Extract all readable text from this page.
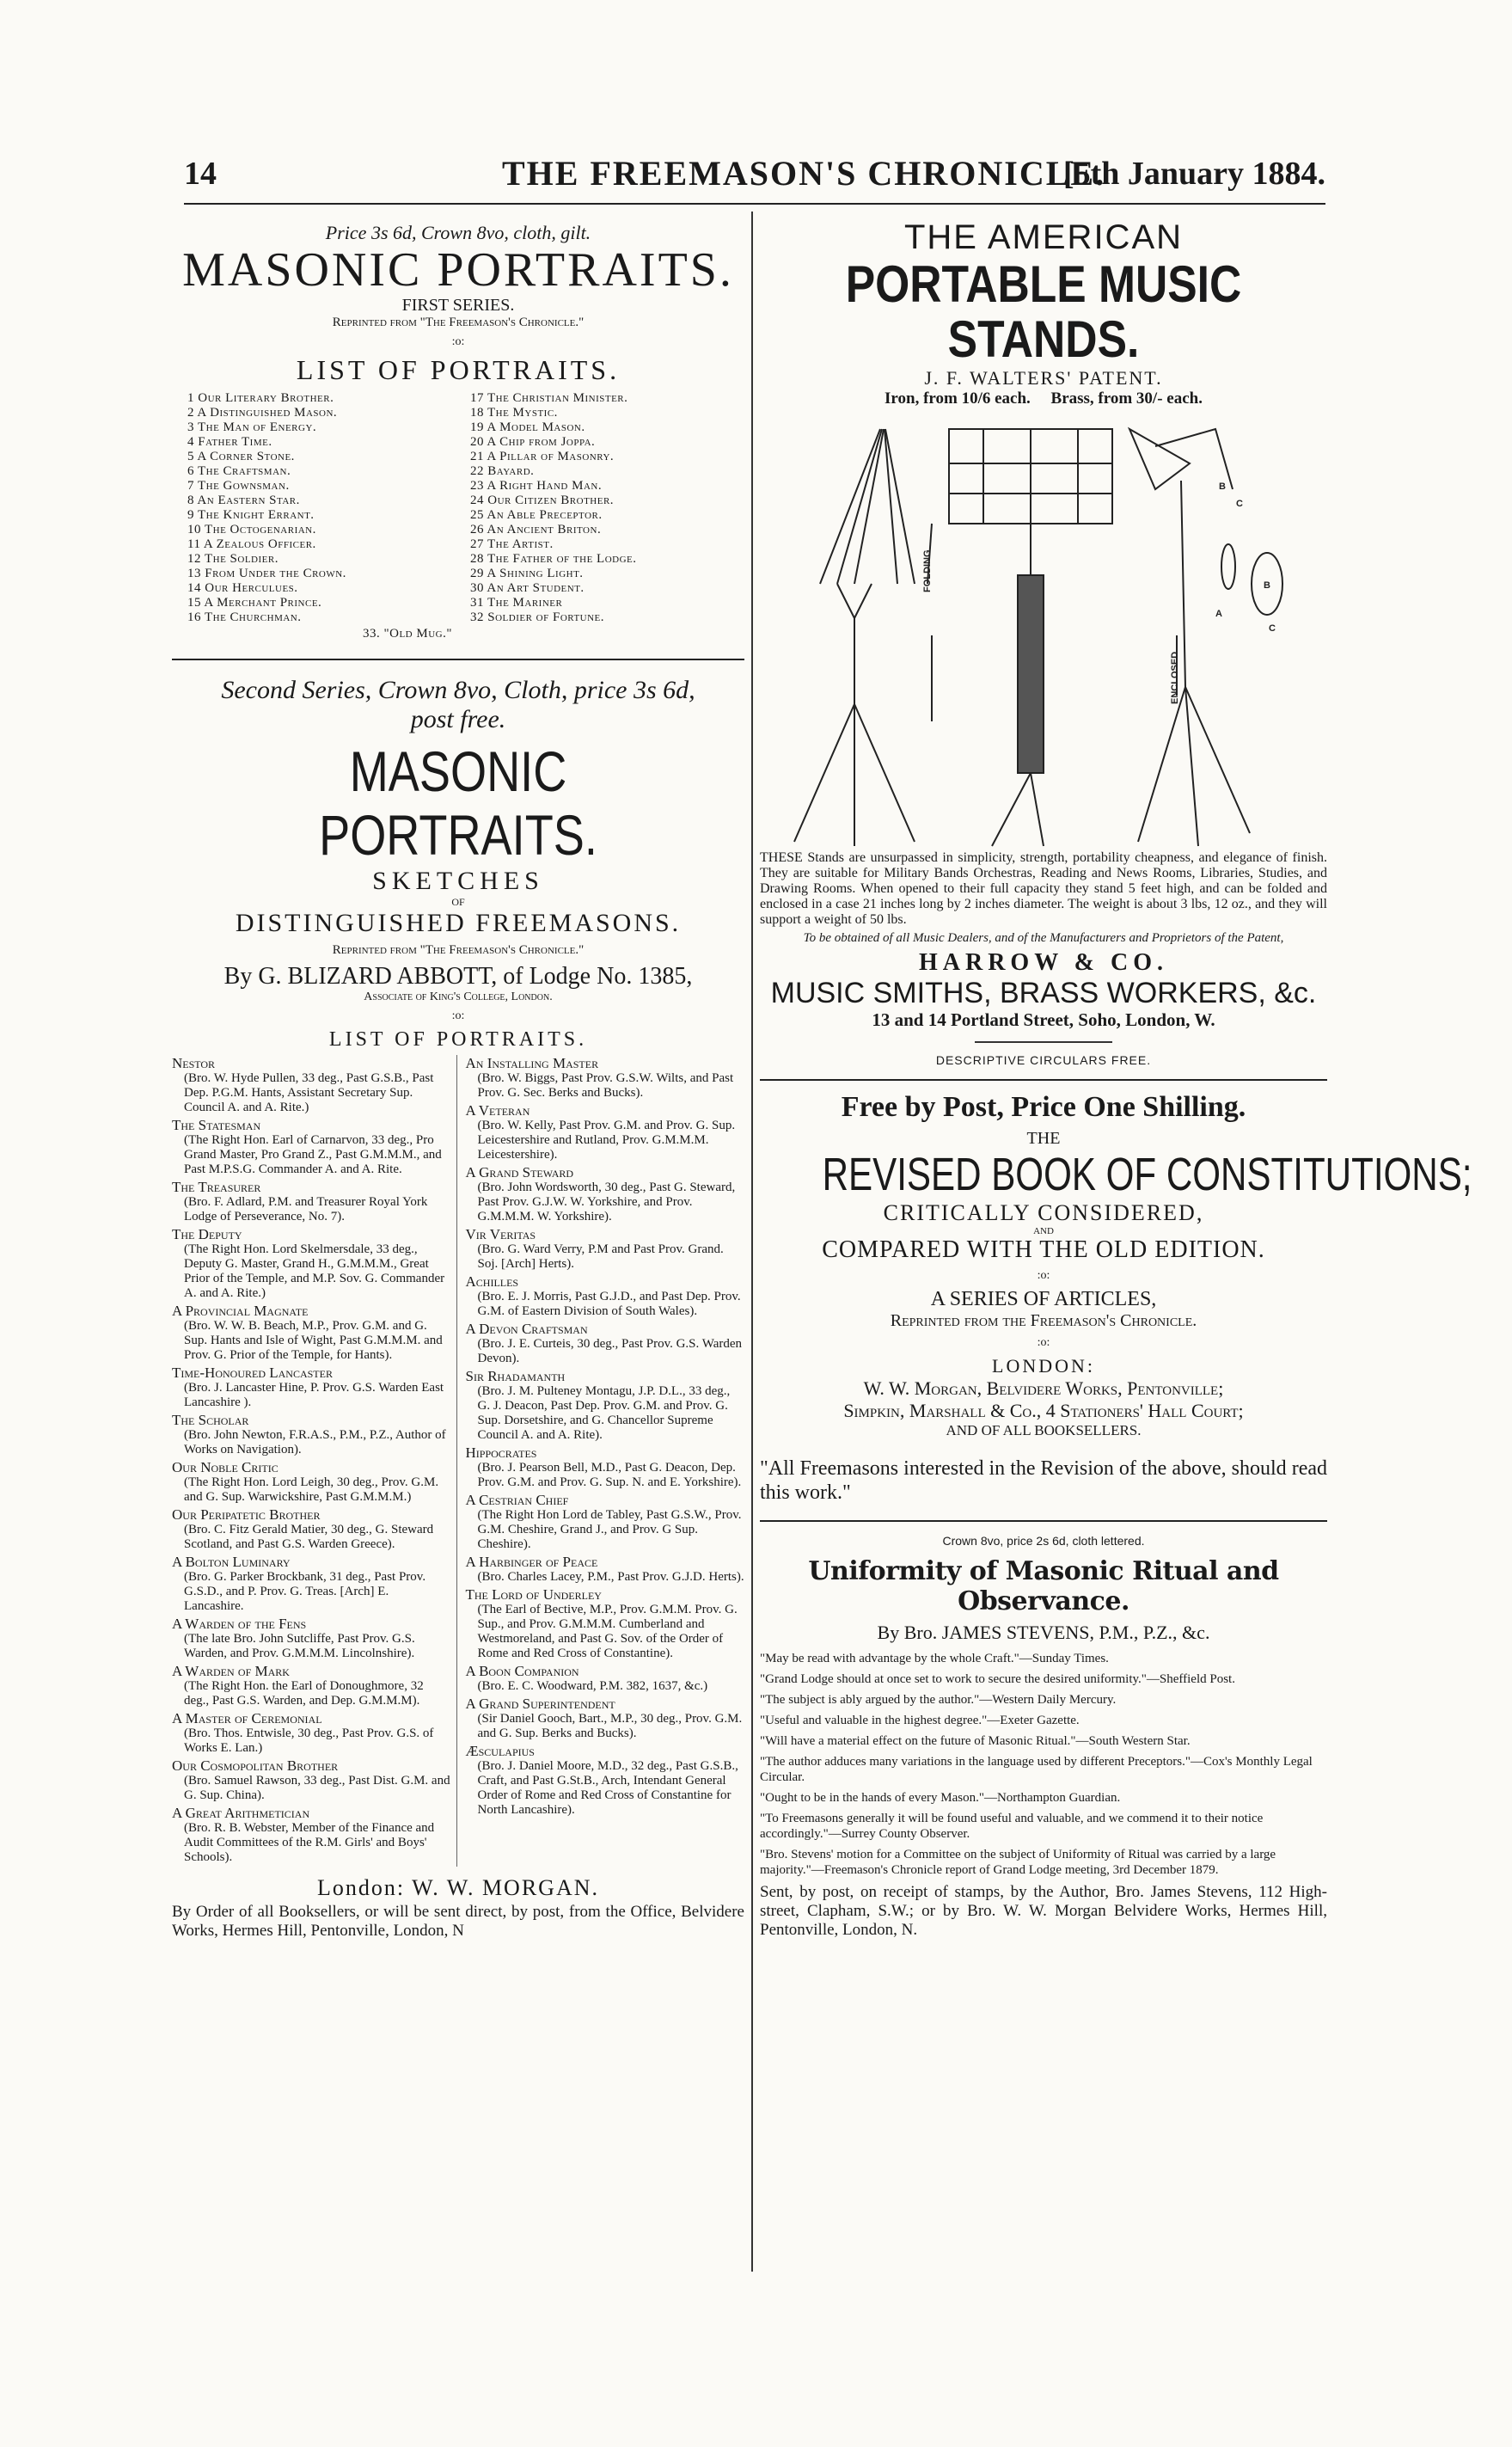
14	THE FREEMASON'S CHRONICLE.
[5th January 1884.
Price 3s 6d, Crown 8vo, cloth, gilt.
MASONIC PORTRAITS.
FIRST SERIES.
Reprinted from "The Freemason's Chronicle."
:o:
LIST OF PORTRAITS.
1 Our Literary Brother.
2 A Distinguished Mason.
3 The Man of Energy.
4 Father Time.
5 A Corner Stone.
6 The Craftsman.
7 The Gownsman.
8 An Eastern Star.
9 The Knight Errant.
10 The Octogenarian.
11 A Zealous Officer.
12 The Soldier.
13 From Under the Crown.
14 Our Herculues.
15 A Merchant Prince.
16 The Churchman.
17 The Christian Minister.
18 The Mystic.
19 A Model Mason.
20 A Chip from Joppa.
21 A Pillar of Masonry.
22 Bayard.
23 A Right Hand Man.
24 Our Citizen Brother.
25 An Able Preceptor.
26 An Ancient Briton.
27 The Artist.
28 The Father of the Lodge.
29 A Shining Light.
30 An Art Student.
31 The Mariner
32 Soldier of Fortune.
33. "Old Mug."
Second Series, Crown 8vo, Cloth, price 3s 6d,
post free.
MASONIC PORTRAITS.
SKETCHES
OF
DISTINGUISHED FREEMASONS.
Reprinted from "The Freemason's Chronicle."
By G. BLIZARD ABBOTT, of Lodge No. 1385,
Associate of King's College, London.
:o:
LIST OF PORTRAITS.
Nestor
(Bro. W. Hyde Pullen, 33 deg., Past G.S.B., Past Dep. P.G.M. Hants, Assistant Secretary Sup. Council A. and A. Rite.)
The Statesman
(The Right Hon. Earl of Carnarvon, 33 deg., Pro Grand Master, Pro Grand Z., Past G.M.M.M., and Past M.P.S.G. Commander A. and A. Rite.
The Treasurer
(Bro. F. Adlard, P.M. and Treasurer Royal York Lodge of Perseverance, No. 7).
The Deputy
(The Right Hon. Lord Skelmersdale, 33 deg., Deputy G. Master, Grand H., G.M.M.M., Great Prior of the Temple, and M.P. Sov. G. Commander A. and A. Rite.)
A Provincial Magnate
(Bro. W. W. B. Beach, M.P., Prov. G.M. and G. Sup. Hants and Isle of Wight, Past G.M.M.M. and Prov. G. Prior of the Temple, for Hants).
Time-Honoured Lancaster
(Bro. J. Lancaster Hine, P. Prov. G.S. Warden East Lancashire ).
The Scholar
(Bro. John Newton, F.R.A.S., P.M., P.Z., Author of Works on Navigation).
Our Noble Critic
(The Right Hon. Lord Leigh, 30 deg., Prov. G.M. and G. Sup. Warwickshire, Past G.M.M.M.)
Our Peripatetic Brother
(Bro. C. Fitz Gerald Matier, 30 deg., G. Steward Scotland, and Past G.S. Warden Greece).
A Bolton Luminary
(Bro. G. Parker Brockbank, 31 deg., Past Prov. G.S.D., and P. Prov. G. Treas. [Arch] E. Lancashire.
A Warden of the Fens
(The late Bro. John Sutcliffe, Past Prov. G.S. Warden, and Prov. G.M.M.M. Lincolnshire).
A Warden of Mark
(The Right Hon. the Earl of Donoughmore, 32 deg., Past G.S. Warden, and Dep. G.M.M.M).
A Master of Ceremonial
(Bro. Thos. Entwisle, 30 deg., Past Prov. G.S. of Works E. Lan.)
Our Cosmopolitan Brother
(Bro. Samuel Rawson, 33 deg., Past Dist. G.M. and G. Sup. China).
A Great Arithmetician
(Bro. R. B. Webster, Member of the Finance and Audit Committees of the R.M. Girls' and Boys' Schools).
An Installing Master
(Bro. W. Biggs, Past Prov. G.S.W. Wilts, and Past Prov. G. Sec. Berks and Bucks).
A Veteran
(Bro. W. Kelly, Past Prov. G.M. and Prov. G. Sup. Leicestershire and Rutland, Prov. G.M.M.M. Leicestershire).
A Grand Steward
(Bro. John Wordsworth, 30 deg., Past G. Steward, Past Prov. G.J.W. W. Yorkshire, and Prov. G.M.M.M. W. Yorkshire).
Vir Veritas
(Bro. G. Ward Verry, P.M and Past Prov. Grand. Soj. [Arch] Herts).
Achilles
(Bro. E. J. Morris, Past G.J.D., and Past Dep. Prov. G.M. of Eastern Division of South Wales).
A Devon Craftsman
(Bro. J. E. Curteis, 30 deg., Past Prov. G.S. Warden Devon).
Sir Rhadamanth
(Bro. J. M. Pulteney Montagu, J.P. D.L., 33 deg., G. J. Deacon, Past Dep. Prov. G.M. and Prov. G. Sup. Dorsetshire, and G. Chancellor Supreme Council A. and A. Rite).
Hippocrates
(Bro. J. Pearson Bell, M.D., Past G. Deacon, Dep. Prov. G.M. and Prov. G. Sup. N. and E. Yorkshire).
A Cestrian Chief
(The Right Hon Lord de Tabley, Past G.S.W., Prov. G.M. Cheshire, Grand J., and Prov. G Sup. Cheshire).
A Harbinger of Peace
(Bro. Charles Lacey, P.M., Past Prov. G.J.D. Herts).
The Lord of Underley
(The Earl of Bective, M.P., Prov. G.M.M. Prov. G. Sup., and Prov. G.M.M.M. Cumberland and Westmoreland, and Past G. Sov. of the Order of Rome and Red Cross of Constantine).
A Boon Companion
(Bro. E. C. Woodward, P.M. 382, 1637, &c.)
A Grand Superintendent
(Sir Daniel Gooch, Bart., M.P., 30 deg., Prov. G.M. and G. Sup. Berks and Bucks).
Æsculapius
(Bro. J. Daniel Moore, M.D., 32 deg., Past G.S.B., Craft, and Past G.St.B., Arch, Intendant General Order of Rome and Red Cross of Constantine for North Lancashire).
London: W. W. MORGAN.
By Order of all Booksellers, or will be sent direct, by post, from the Office, Belvidere Works, Hermes Hill, Pentonville, London, N
THE AMERICAN
PORTABLE MUSIC STANDS.
J. F. WALTERS' PATENT.
Iron, from 10/6 each.     Brass, from 30/- each.
FOLDING
ENCLOSED
B
C
B
C
A
THESE Stands are unsurpassed in simplicity, strength, portability cheapness, and elegance of finish. They are suitable for Military Bands Orchestras, Reading and News Rooms, Libraries, Studies, and Drawing Rooms. When opened to their full capacity they stand 5 feet high, and can be folded and enclosed in a case 21 inches long by 2 inches diameter. The weight is about 3 lbs, 12 oz., and they will support a weight of 50 lbs.
To be obtained of all Music Dealers, and of the Manufacturers and Proprietors of the Patent,
HARROW & CO.
MUSIC SMITHS, BRASS WORKERS, &c.
13 and 14 Portland Street, Soho, London, W.
DESCRIPTIVE CIRCULARS FREE.
Free by Post, Price One Shilling.
THE
REVISED BOOK OF CONSTITUTIONS;
CRITICALLY CONSIDERED,
AND
COMPARED WITH THE OLD EDITION.
:o:
A SERIES OF ARTICLES,
Reprinted from the Freemason's Chronicle.
:o:
LONDON:
W. W. Morgan, Belvidere Works, Pentonville;
Simpkin, Marshall & Co., 4 Stationers' Hall Court;
AND OF ALL BOOKSELLERS.
"All Freemasons interested in the Revision of the above, should read this work."
Crown 8vo, price 2s 6d, cloth lettered.
Uniformity of Masonic Ritual and Observance.
By Bro. JAMES STEVENS, P.M., P.Z., &c.

"May be read with advantage by the whole Craft."—Sunday Times.

"Grand Lodge should at once set to work to secure the desired uniformity."—Sheffield Post.

"The subject is ably argued by the author."—Western Daily Mercury.

"Useful and valuable in the highest degree."—Exeter Gazette.

"Will have a material effect on the future of Masonic Ritual."—South Western Star.

"The author adduces many variations in the language used by different Preceptors."—Cox's Monthly Legal Circular.

"Ought to be in the hands of every Mason."—Northampton Guardian.

"To Freemasons generally it will be found useful and valuable, and we commend it to their notice accordingly."—Surrey County Observer.

"Bro. Stevens' motion for a Committee on the subject of Uniformity of Ritual was carried by a large majority."—Freemason's Chronicle report of Grand Lodge meeting, 3rd December 1879.

Sent, by post, on receipt of stamps, by the Author, Bro. James Stevens, 112 High-street, Clapham, S.W.; or by Bro. W. W. Morgan Belvidere Works, Hermes Hill, Pentonville, London, N.
